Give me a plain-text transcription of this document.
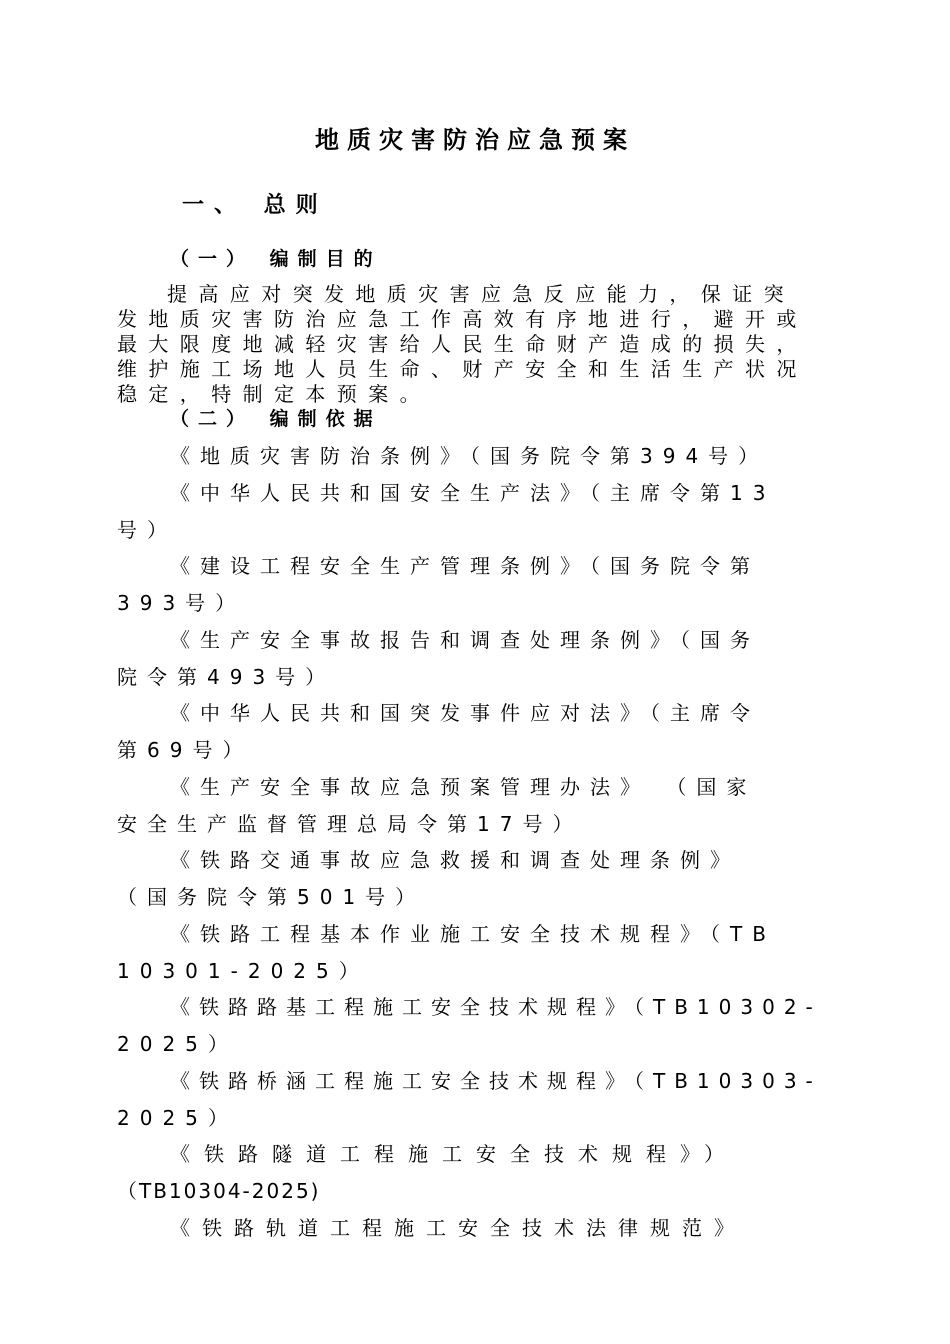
地质灾害防治应急预案
一、 总则
（一） 编制目的
提高应对突发地质灾害应急反应能力，保证突发地质灾害防治应急工作高效有序地进行，避开或最大限度地减轻灾害给人民生命财产造成的损失，维护施工场地人员生命、财产安全和生活生产状况稳定，特制定本预案。
（二） 编制依据
《地质灾害防治条例》（国务院令第394号）
《中华人民共和国安全生产法》（主席令第13
号）
《建设工程安全生产管理条例》（国务院令第
393号）
《生产安全事故报告和调查处理条例》（国务
院令第493号）
《中华人民共和国突发事件应对法》（主席令
第69号）
《生产安全事故应急预案管理办法》 （国家
安全生产监督管理总局令第17号）
《铁路交通事故应急救援和调查处理条例》
（国务院令第501号）
《铁路工程基本作业施工安全技术规程》（TB
10301-2025）
《铁路路基工程施工安全技术规程》（TB10302-
2025）
《铁路桥涵工程施工安全技术规程》（TB10303-
2025）
《铁路隧道工程施工安全技术规程》）
（TB10304-2025)
《铁路轨道工程施工安全技术法律规范》
